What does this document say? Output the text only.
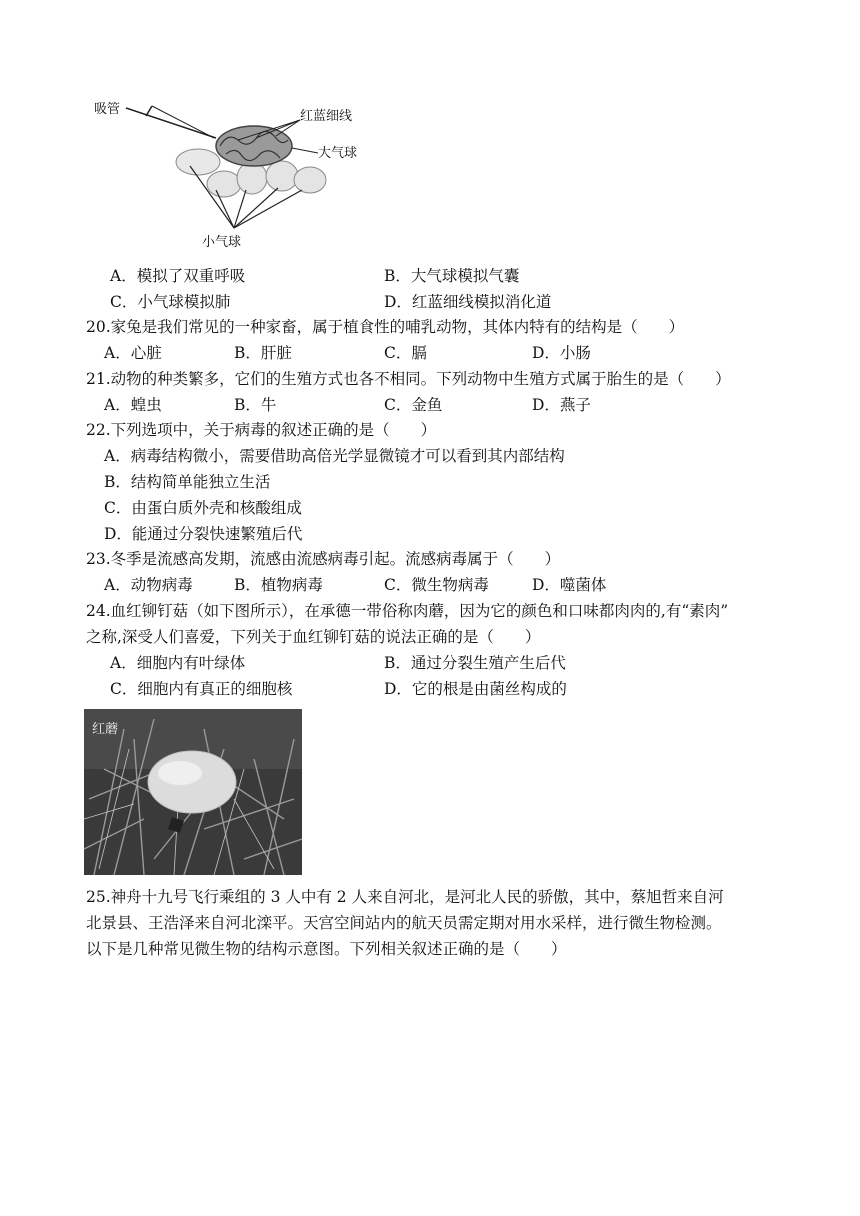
吸管	红蓝细线
大气球
小气球
A．模拟了双重呼吸	B．大气球模拟气囊
C．小气球模拟肺	D．红蓝细线模拟消化道
20.家兔是我们常见的一种家畜，属于植食性的哺乳动物，其体内特有的结构是（　　）
A．心脏	B．肝脏	C．膈	D．小肠
21.动物的种类繁多，它们的生殖方式也各不相同。下列动物中生殖方式属于胎生的是（　　）
A．蝗虫	B．牛	C．金鱼	D．燕子
22.下列选项中，关于病毒的叙述正确的是（　　）
A．病毒结构微小，需要借助高倍光学显微镜才可以看到其内部结构
B．结构简单能独立生活
C．由蛋白质外壳和核酸组成
D．能通过分裂快速繁殖后代
23.冬季是流感高发期，流感由流感病毒引起。流感病毒属于（　　）
A．动物病毒	B．植物病毒	C．微生物病毒	D．噬菌体
24.血红铆钉菇（如下图所示），在承德一带俗称肉蘑，因为它的颜色和口味都肉肉的,有“素肉”
之称,深受人们喜爱，下列关于血红铆钉菇的说法正确的是（　　）
A．细胞内有叶绿体	B．通过分裂生殖产生后代
C．细胞内有真正的细胞核	D．它的根是由菌丝构成的
红蘑
25.神舟十九号飞行乘组的 3 人中有 2 人来自河北，是河北人民的骄傲，其中，蔡旭哲来自河
北景县、王浩泽来自河北滦平。天宫空间站内的航天员需定期对用水采样，进行微生物检测。
以下是几种常见微生物的结构示意图。下列相关叙述正确的是（　　）
